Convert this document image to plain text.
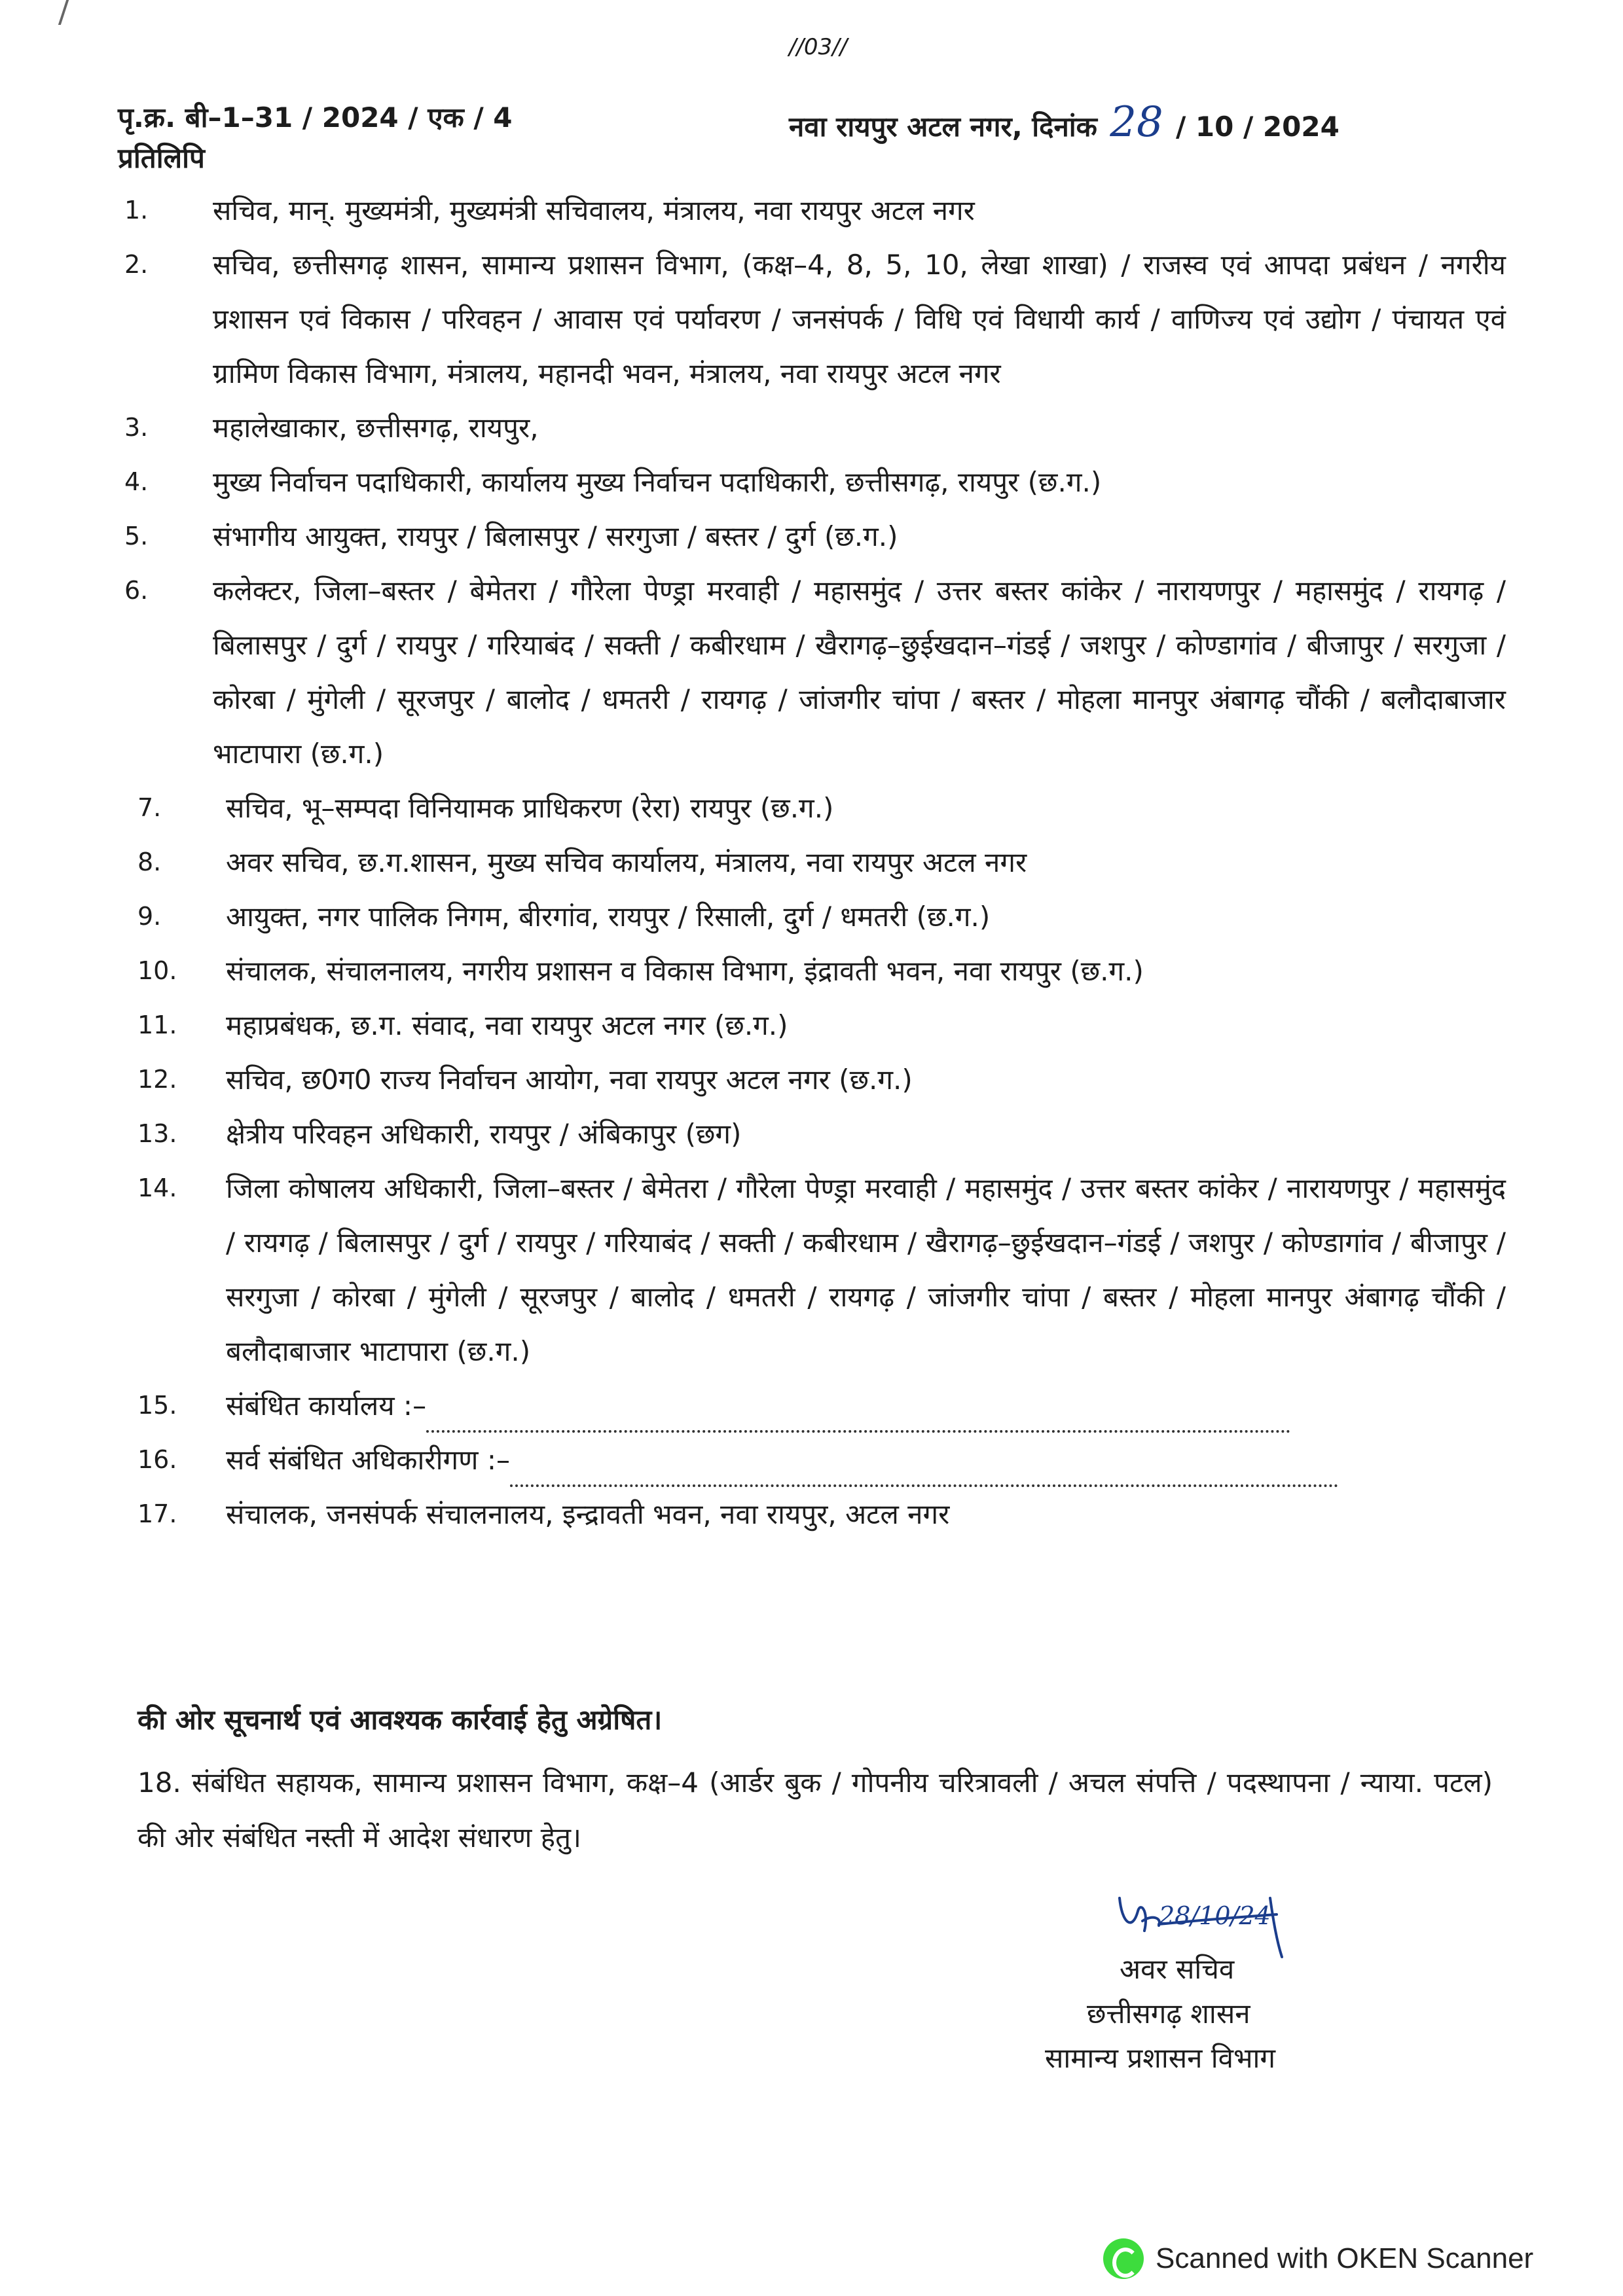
//03//
पृ.क्र. बी–1–31 / 2024 / एक / 4	नवा रायपुर अटल नगर, दिनांक 28 / 10 / 2024
प्रतिलिपि
1.	सचिव, मान्. मुख्यमंत्री, मुख्यमंत्री सचिवालय, मंत्रालय, नवा रायपुर अटल नगर
2.	सचिव, छत्तीसगढ़ शासन, सामान्य प्रशासन विभाग, (कक्ष–4, 8, 5, 10, लेखा शाखा) / राजस्व एवं आपदा प्रबंधन / नगरीय प्रशासन एवं विकास / परिवहन / आवास एवं पर्यावरण / जनसंपर्क / विधि एवं विधायी कार्य / वाणिज्य एवं उद्योग / पंचायत एवं ग्रामिण विकास विभाग, मंत्रालय, महानदी भवन, मंत्रालय, नवा रायपुर अटल नगर
3.	महालेखाकार, छत्तीसगढ़, रायपुर,
4.	मुख्य निर्वाचन पदाधिकारी, कार्यालय मुख्य निर्वाचन पदाधिकारी, छत्तीसगढ़, रायपुर (छ.ग.)
5.	संभागीय आयुक्त, रायपुर / बिलासपुर / सरगुजा / बस्तर / दुर्ग (छ.ग.)
6.	कलेक्टर, जिला–बस्तर / बेमेतरा / गौरेला पेण्ड्रा मरवाही / महासमुंद / उत्तर बस्तर कांकेर / नारायणपुर / महासमुंद / रायगढ़ / बिलासपुर / दुर्ग / रायपुर / गरियाबंद / सक्ती / कबीरधाम / खैरागढ़–छुईखदान–गंडई / जशपुर / कोण्डागांव / बीजापुर / सरगुजा / कोरबा / मुंगेली / सूरजपुर / बालोद / धमतरी / रायगढ़ / जांजगीर चांपा / बस्तर / मोहला मानपुर अंबागढ़ चौंकी / बलौदाबाजार भाटापारा (छ.ग.)
7.	सचिव, भू–सम्पदा विनियामक प्राधिकरण (रेरा) रायपुर (छ.ग.)
8.	अवर सचिव, छ.ग.शासन, मुख्य सचिव कार्यालय, मंत्रालय, नवा रायपुर अटल नगर
9.	आयुक्त, नगर पालिक निगम, बीरगांव, रायपुर / रिसाली, दुर्ग / धमतरी (छ.ग.)
10.	संचालक, संचालनालय, नगरीय प्रशासन व विकास विभाग, इंद्रावती भवन, नवा रायपुर (छ.ग.)
11.	महाप्रबंधक, छ.ग. संवाद, नवा रायपुर अटल नगर (छ.ग.)
12.	सचिव, छ0ग0 राज्य निर्वाचन आयोग, नवा रायपुर अटल नगर (छ.ग.)
13.	क्षेत्रीय परिवहन अधिकारी, रायपुर / अंबिकापुर (छग)
14.	जिला कोषालय अधिकारी, जिला–बस्तर / बेमेतरा / गौरेला पेण्ड्रा मरवाही / महासमुंद / उत्तर बस्तर कांकेर / नारायणपुर / महासमुंद / रायगढ़ / बिलासपुर / दुर्ग / रायपुर / गरियाबंद / सक्ती / कबीरधाम / खैरागढ़–छुईखदान–गंडई / जशपुर / कोण्डागांव / बीजापुर / सरगुजा / कोरबा / मुंगेली / सूरजपुर / बालोद / धमतरी / रायगढ़ / जांजगीर चांपा / बस्तर / मोहला मानपुर अंबागढ़ चौंकी / बलौदाबाजार भाटापारा (छ.ग.)
15.	संबंधित कार्यालय :–
16.	सर्व संबंधित अधिकारीगण :–
17.	संचालक, जनसंपर्क संचालनालय, इन्द्रावती भवन, नवा रायपुर, अटल नगर
की ओर सूचनार्थ एवं आवश्यक कार्रवाई हेतु अग्रेषित।
18. संबंधित सहायक, सामान्य प्रशासन विभाग, कक्ष–4 (आर्डर बुक / गोपनीय चरित्रावली / अचल संपत्ति / पदस्थापना / न्याया. पटल) की ओर संबंधित नस्ती में आदेश संधारण हेतु।
28/10/24
अवर सचिव
छत्तीसगढ़ शासन
सामान्य प्रशासन विभाग
Scanned with OKEN Scanner
